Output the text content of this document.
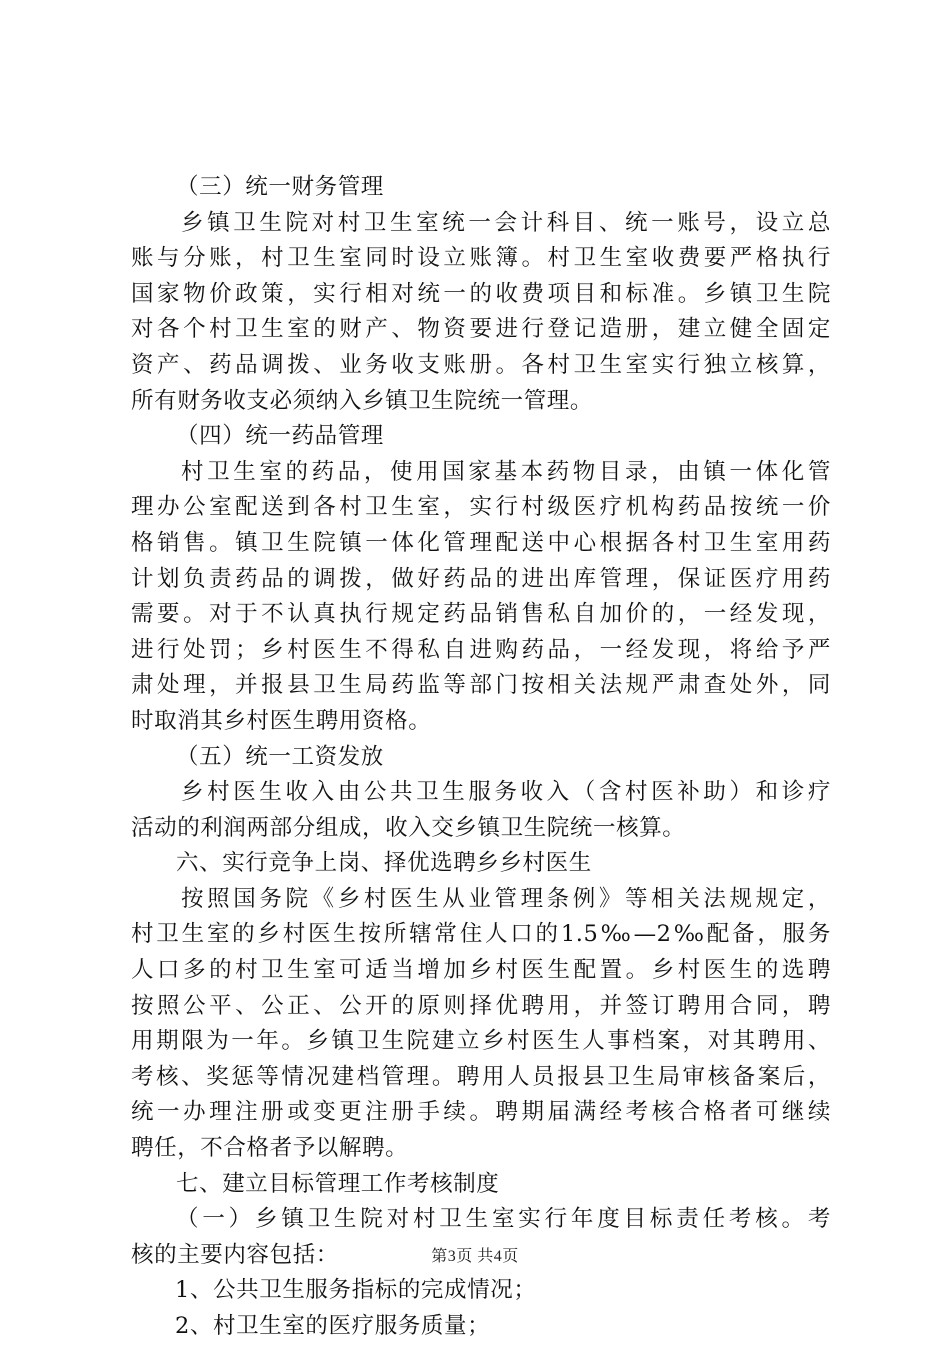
（三）统一财务管理
乡镇卫生院对村卫生室统一会计科目、统一账号，设立总
账与分账，村卫生室同时设立账簿。村卫生室收费要严格执行
国家物价政策，实行相对统一的收费项目和标准。乡镇卫生院
对各个村卫生室的财产、物资要进行登记造册，建立健全固定
资产、药品调拨、业务收支账册。各村卫生室实行独立核算，
所有财务收支必须纳入乡镇卫生院统一管理。
（四）统一药品管理
村卫生室的药品，使用国家基本药物目录，由镇一体化管
理办公室配送到各村卫生室，实行村级医疗机构药品按统一价
格销售。镇卫生院镇一体化管理配送中心根据各村卫生室用药
计划负责药品的调拨，做好药品的进出库管理，保证医疗用药
需要。对于不认真执行规定药品销售私自加价的，一经发现，
进行处罚；乡村医生不得私自进购药品，一经发现，将给予严
肃处理，并报县卫生局药监等部门按相关法规严肃查处外，同
时取消其乡村医生聘用资格。
（五）统一工资发放
乡村医生收入由公共卫生服务收入（含村医补助）和诊疗
活动的利润两部分组成，收入交乡镇卫生院统一核算。
六、实行竞争上岗、择优选聘乡乡村医生
按照国务院《乡村医生从业管理条例》等相关法规规定，
村卫生室的乡村医生按所辖常住人口的1.5‰—2‰配备，服务
人口多的村卫生室可适当增加乡村医生配置。乡村医生的选聘
按照公平、公正、公开的原则择优聘用，并签订聘用合同，聘
用期限为一年。乡镇卫生院建立乡村医生人事档案，对其聘用、
考核、奖惩等情况建档管理。聘用人员报县卫生局审核备案后，
统一办理注册或变更注册手续。聘期届满经考核合格者可继续
聘任，不合格者予以解聘。
七、建立目标管理工作考核制度
（一）乡镇卫生院对村卫生室实行年度目标责任考核。考
核的主要内容包括：
1、公共卫生服务指标的完成情况；
2、村卫生室的医疗服务质量；
第3页 共4页
